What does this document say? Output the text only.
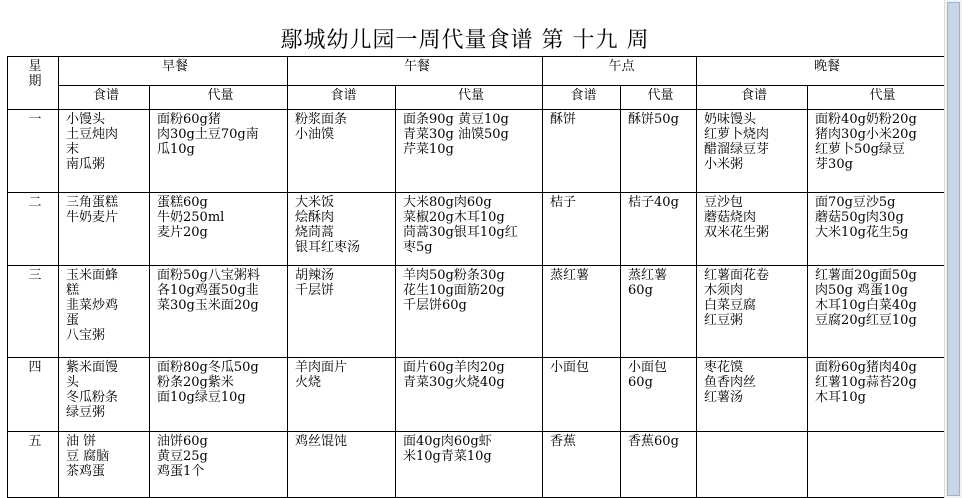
鄢城幼儿园一周代量食谱 第 十九 周
星
期	早餐		午餐		午点		晚餐	
	食谱	代量	食谱	代量	食谱	代量	食谱	代量
一	小馒头
土豆炖肉
末
南瓜粥	面粉60g猪
肉30g土豆70g南
瓜10g	粉浆面条
小油馍	面条90g 黄豆10g
青菜30g 油馍50g
芹菜10g	酥饼	酥饼50g	奶味馒头
红萝卜烧肉
醋溜绿豆芽
小米粥	面粉40g奶粉20g
猪肉30g小米20g
红萝卜50g绿豆
芽30g
二	三角蛋糕
牛奶麦片	蛋糕60g
牛奶250ml
麦片20g	大米饭
烩酥肉
烧茼蒿
银耳红枣汤	大米80g肉60g
菜椒20g木耳10g
茼蒿30g银耳10g红
枣5g	桔子	桔子40g	豆沙包
蘑菇烧肉
双米花生粥	面70g豆沙5g
蘑菇50g肉30g
大米10g花生5g
三	玉米面蜂
糕
韭菜炒鸡
蛋
八宝粥	面粉50g八宝粥料
各10g鸡蛋50g韭
菜30g玉米面20g	胡辣汤
千层饼	羊肉50g粉条30g
花生10g面筋20g
千层饼60g	蒸红薯	蒸红薯
60g	红薯面花卷
木须肉
白菜豆腐
红豆粥	红薯面20g面50g
肉50g 鸡蛋10g
木耳10g白菜40g
豆腐20g红豆10g
四	紫米面馒
头
冬瓜粉条
绿豆粥	面粉80g冬瓜50g
粉条20g紫米
面10g绿豆10g	羊肉面片
火烧	面片60g羊肉20g
青菜30g火烧40g	小面包	小面包
60g	枣花馍
鱼香肉丝
红薯汤	面粉60g猪肉40g
红薯10g蒜苔20g
木耳10g
五	油 饼
豆 腐脑
茶鸡蛋	油饼60g
黄豆25g
鸡蛋1个	鸡丝馄饨	面40g肉60g虾
米10g青菜10g	香蕉	香蕉60g		
